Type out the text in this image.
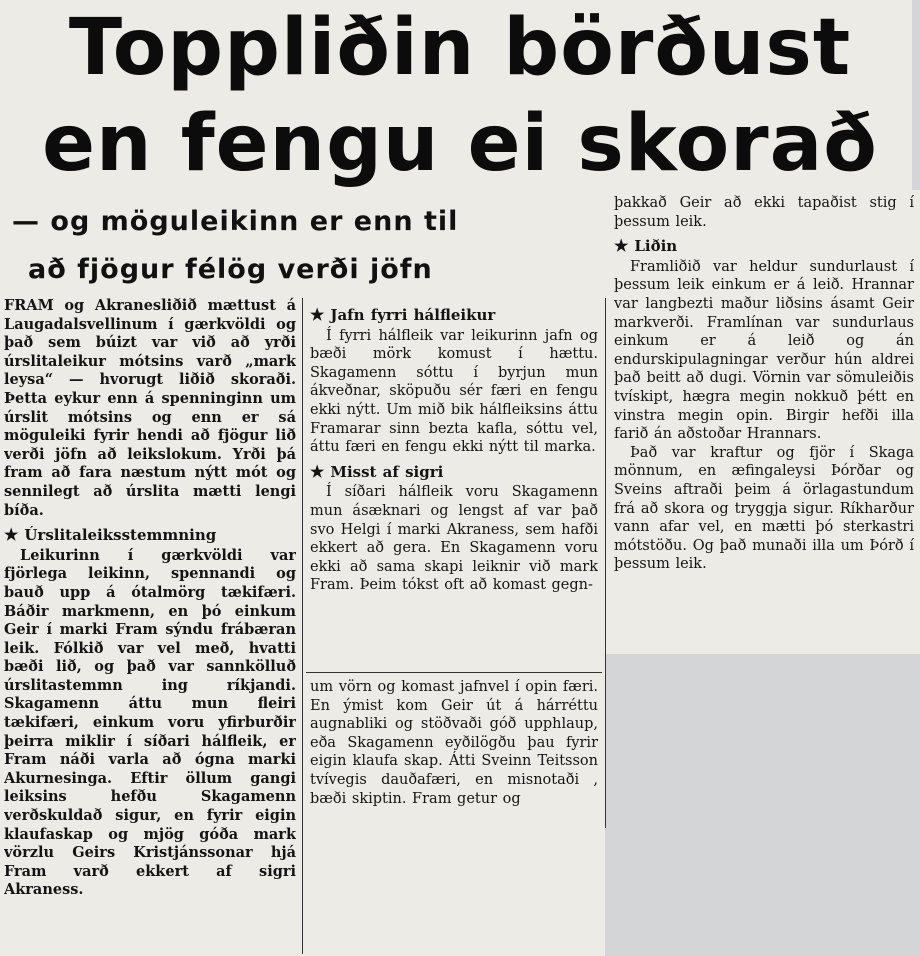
Toppliðin börðust
en fengu ei skorað
— og möguleikinn er enn til
að fjögur félög verði jöfn

FRAM og Akranesliðið mættust á Laugadalsvellinum í gærkvöldi og það sem búizt var við að yrði úrslitaleikur mótsins varð „mark leysa“ — hvorugt liðið skoraði. Þetta eykur enn á spenninginn um úrslit mótsins og enn er sá möguleiki fyrir hendi að fjögur lið verði jöfn að leikslokum. Yrði þá fram að fara næstum nýtt mót og sennilegt að úrslita mætti lengi bíða.

★ Úrslitaleiksstemmning

Leikurinn í gærkvöldi var fjörlega leikinn, spennandi og bauð upp á ótalmörg tækifæri. Báðir markmenn, en þó einkum Geir í marki Fram sýndu frábæran leik. Fólkið var vel með, hvatti bæði lið, og það var sannkölluð úrslitastemmn ing ríkjandi. Skagamenn áttu mun fleiri tækifæri, einkum voru yfirburðir þeirra miklir í síðari hálfleik, er Fram náði varla að ógna marki Akurnesinga. Eftir öllum gangi leiksins hefðu Skagamenn verðskuldað sigur, en fyrir eigin klaufaskap og mjög góða mark vörzlu Geirs Kristjánssonar hjá Fram varð ekkert af sigri Akraness.

★ Jafn fyrri hálfleikur

Í fyrri hálfleik var leikurinn jafn og bæði mörk komust í hættu. Skagamenn sóttu í byrjun mun ákveðnar, sköpuðu sér færi en fengu ekki nýtt. Um mið bik hálfleiksins áttu Framarar sinn bezta kafla, sóttu vel, áttu færi en fengu ekki nýtt til marka.

★ Misst af sigri

Í síðari hálfleik voru Skagamenn mun ásæknari og lengst af var það svo Helgi í marki Akraness, sem hafði ekkert að gera. En Skagamenn voru ekki að sama skapi leiknir við mark Fram. Þeim tókst oft að komast gegn-

um vörn og komast jafnvel í opin færi. En ýmist kom Geir út á hárréttu augnabliki og stöðvaði góð upphlaup, eða Skagamenn eyðilögðu þau fyrir eigin klaufa skap. Átti Sveinn Teitsson tvívegis dauðafæri, en misnotaði , bæði skiptin. Fram getur og

þakkað Geir að ekki tapaðist stig í þessum leik.

★ Liðin

Framliðið var heldur sundurlaust í þessum leik einkum er á leið. Hrannar var langbezti maður liðsins ásamt Geir markverði. Framlínan var sundurlaus einkum er á leið og án endurskipulagningar verður hún aldrei það beitt að dugi. Vörnin var sömuleiðis tvískipt, hægra megin nokkuð þétt en vinstra megin opin. Birgir hefði illa farið án aðstoðar Hrannars.

Það var kraftur og fjör í Skaga mönnum, en æfingaleysi Þórðar og Sveins aftraði þeim á örlagastundum frá að skora og tryggja sigur. Ríkharður vann afar vel, en mætti þó sterkastri mótstöðu. Og það munaði illa um Þórð í þessum leik.
